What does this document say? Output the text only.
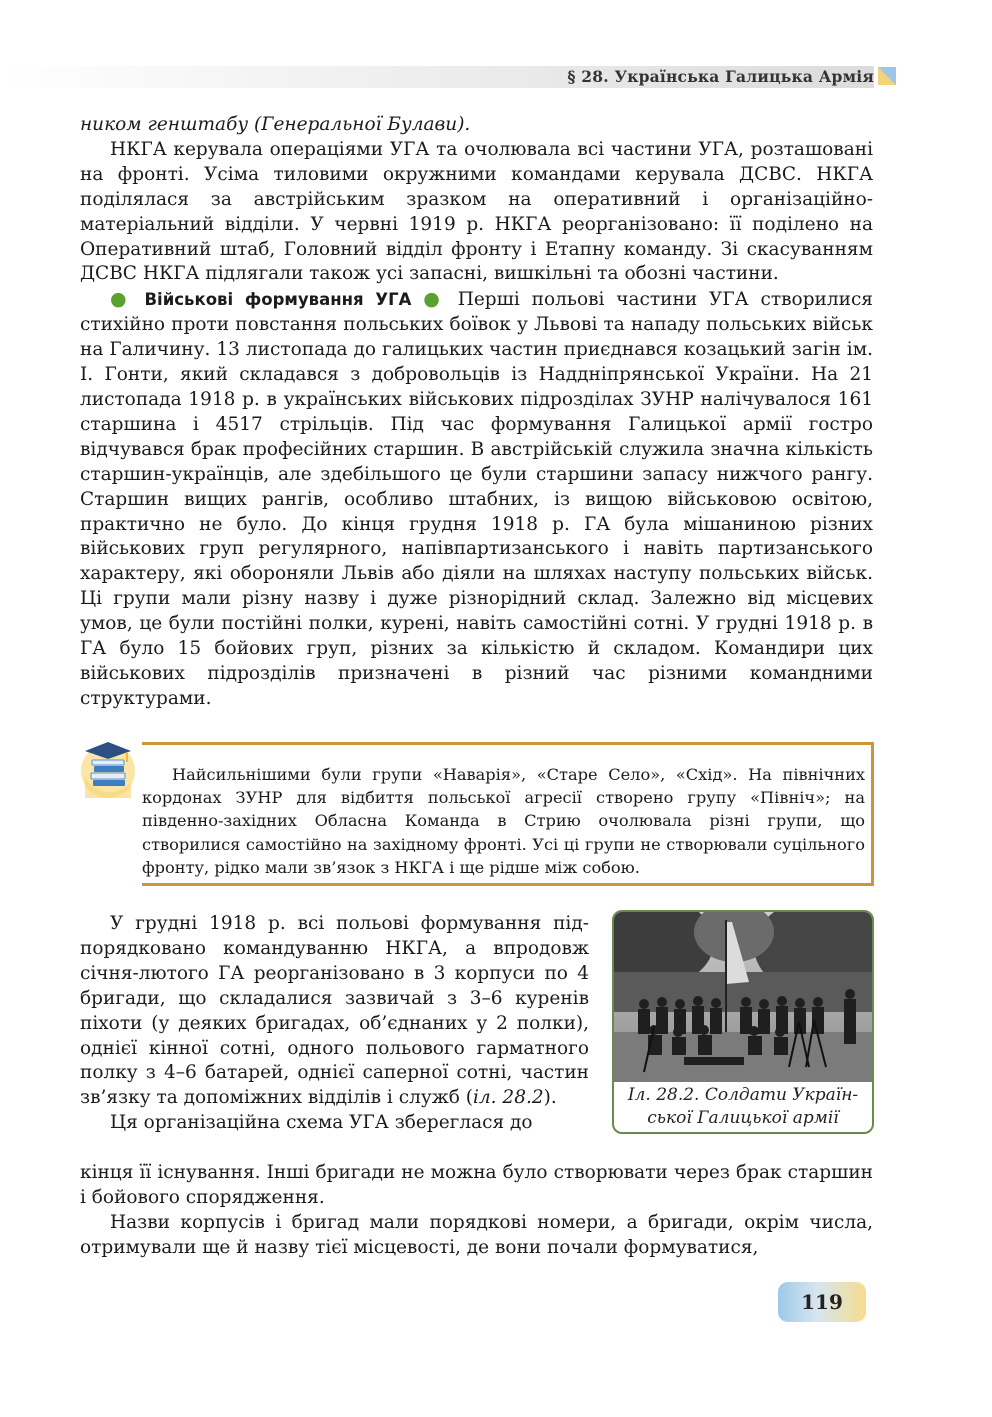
§ 28. Українська Галицька Армія

ником генштабу (Генеральної Булави).

НКГА керувала операціями УГА та очолювала всі частини УГА, розташовані на фронті. Усіма тиловими окружними командами керувала ДСВС. НКГА поділялася за австрійським зразком на оперативний і організаційно-матеріальний відділи. У червні 1919 р. НКГА реорганізовано: її поділено на Оперативний штаб, Головний відділ фронту і Етапну команду. Зі скасуванням ДСВС НКГА підлягали також усі запасні, вишкільні та обозні частини.

● Військові формування УГА ● Перші польові частини УГА створилися стихійно проти повстання польських боївок у Львові та нападу польських військ на Галичину. 13 листопада до галицьких частин приєднався козацький загін ім. І. Гонти, який складався з добровольців із Наддніпрянської України. На 21 листопада 1918 р. в українських військових підрозділах ЗУНР налічувалося 161 старшина і 4517 стрільців. Під час формування Галицької армії гостро відчувався брак професійних старшин. В австрійській служила значна кількість старшин-українців, але здебільшого це були старшини запасу нижчого рангу. Старшин вищих рангів, особливо штабних, із вищою військовою освітою, практично не було. До кінця грудня 1918 р. ГА була мішаниною різних військових груп регулярного, напівпартизанського і навіть партизанського характеру, які обороняли Львів або діяли на шляхах наступу польських військ. Ці групи мали різну назву і дуже різнорідний склад. Залежно від місцевих умов, це були постійні полки, курені, навіть самостійні сотні. У грудні 1918 р. в ГА було 15 бойових груп, різних за кількістю й складом. Командири цих військових підрозділів призначені в різний час різними командними структурами.

Найсильнішими були групи «Наварія», «Старе Село», «Схід». На північних кордонах ЗУНР для відбиття польської агресії створено групу «Північ»; на південно-західних Обласна Команда в Стрию очолювала різні групи, що створилися самостійно на західному фронті. Усі ці групи не створювали суцільного фронту, рідко мали зв’язок з НКГА і ще рідше між собою.

У грудні 1918 р. всі польові формування підпорядковано командуванню НКГА, а впродовж січня-лютого ГА реорганізовано в 3 корпуси по 4 бригади, що складалися зазвичай з 3–6 куренів піхоти (у деяких бригадах, об’єднаних у 2 полки), однієї кінної сотні, одного польового гарматного полку з 4–6 батарей, однієї саперної сотні, частин зв’язку та допоміжних відділів і служб (іл. 28.2).

Ця організаційна схема УГА збереглася до

Іл. 28.2. Солдати Української Галицької армії

кінця її існування. Інші бригади не можна було створювати через брак старшин і бойового спорядження.

Назви корпусів і бригад мали порядкові номери, а бригади, окрім числа, отримували ще й назву тієї місцевості, де вони почали формуватися,

119
